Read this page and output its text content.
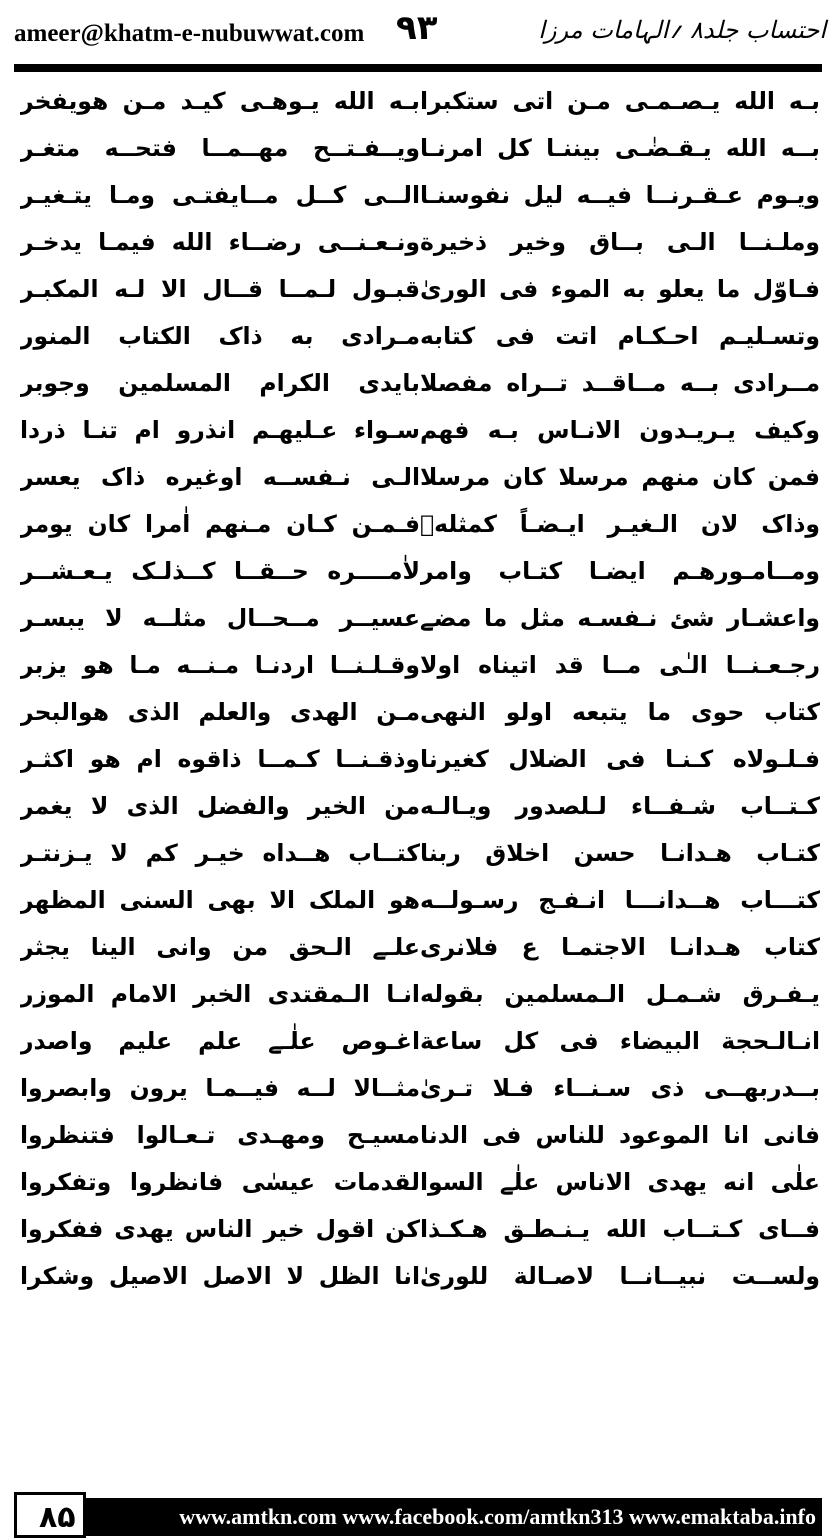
ameer@khatm-e-nubuwwat.com ۹۳	احتساب جلد۸ ؍الہامات مرزا
بـه الله يـصـمـى مـن اتى ستكبرا
بــه الله يـقـضٰـى بيننـا كل امرنـا
ويـوم عـقـرنــا فيــه ليل نفوسنـا
وملـنــا الـى بــاق وخير ذخيرة
فـاوّل ما يعلو به الموء فى الورىٰ
وتسـليـم احـكـام اتت فى كتابه
مــرادى بــه مــاقــد تــراه مفصلا
وكيف يـريـدون الانـاس بـه فهم
فمن كان منهم مرسلا كان مرسلا
وذاک لان الـغيـر ايـضـاً كمثلهٖ
ومــامـورهـم ايضـا كتـاب وامر
واعشـار شئ نـفسـه مثل ما مضے
رجـعـنــا الـٰى مــا قد اتيناه اولا
كتاب حوى ما يتبعه اولو النهى
فـلـولاه كـنـا فى الضلال كغيرنا
كـتــاب شـفــاء لـلصدور ويـالـه
كتـاب هـدانـا حسن اخلاق ربنا
كتـــاب هــدانـــا انـفـج رسـولــه
كتاب هـدانـا الاجتمـا ع فلانرى
يـفـرق شـمـل الـمسلمين بقوله
انـالـحجة البيضاء فى كل ساعة
بــدربهــى ذى سـنــاء فـلا تـرىٰ
فانى انا الموعود للناس فى الدنا
علٰى انه يهدى الاناس علٰے السوا
فــاى كـتــاب الله يـنـطـق هـكـذا
ولســت نبيــانــا لاصـالة للورىٰ
بـه الله يـوهـى كيـد مـن هويفخر
ويــفـتــح مهــمــا فتحــه متغـر
الــى كــل مــايفتـى ومـا يتـغيـر
ونـعـنــى رضــاء الله فيمـا يدخـر
قبـول لـمــا قــال الا لـه المكبـر
مـرادى به ذاک الكتاب المنور
بايدى الكرام المسلمين وجوبر
سـواء عـليهـم انذرو ام تنـا ذردا
الـى نـفســه اوغيره ذاک يعسر
فـمـن كـان مـنهم اٰمرا كان يومر
لاٰمــــره حــقــا كــذلـک يـعـشــر
عسيــر مــحــال مثلــه لا يبسـر
وقـلـنــا اردنـا مـنــه مـا هو يزبر
مـن الهدى والعلم الذى هوالبحر
وذقـنــا كـمــا ذاقوه ام هو اكثـر
من الخير والفضل الذى لا يغمر
كتــاب هــداه خيـر كم لا يـزنتـر
هو الملک الا بهى السنى المظهر
علـے الـحق من وانى الينا يجثر
انـا الـمقتدى الخبر الامام الموزر
اغـوص علٰـے علم عليم واصدر
مثــالا لــه فيــمـا يرون وابصروا
مسيـح ومهـدى تـعـالوا فتنظروا
لقدمات عيسٰى فانظروا وتفكروا
كن اقول خير الناس يهدى ففكروا
انا الظل لا الاصل الاصيل وشكرا
www.amtkn.com www.facebook.com/amtkn313 www.emaktaba.info
۸۵
